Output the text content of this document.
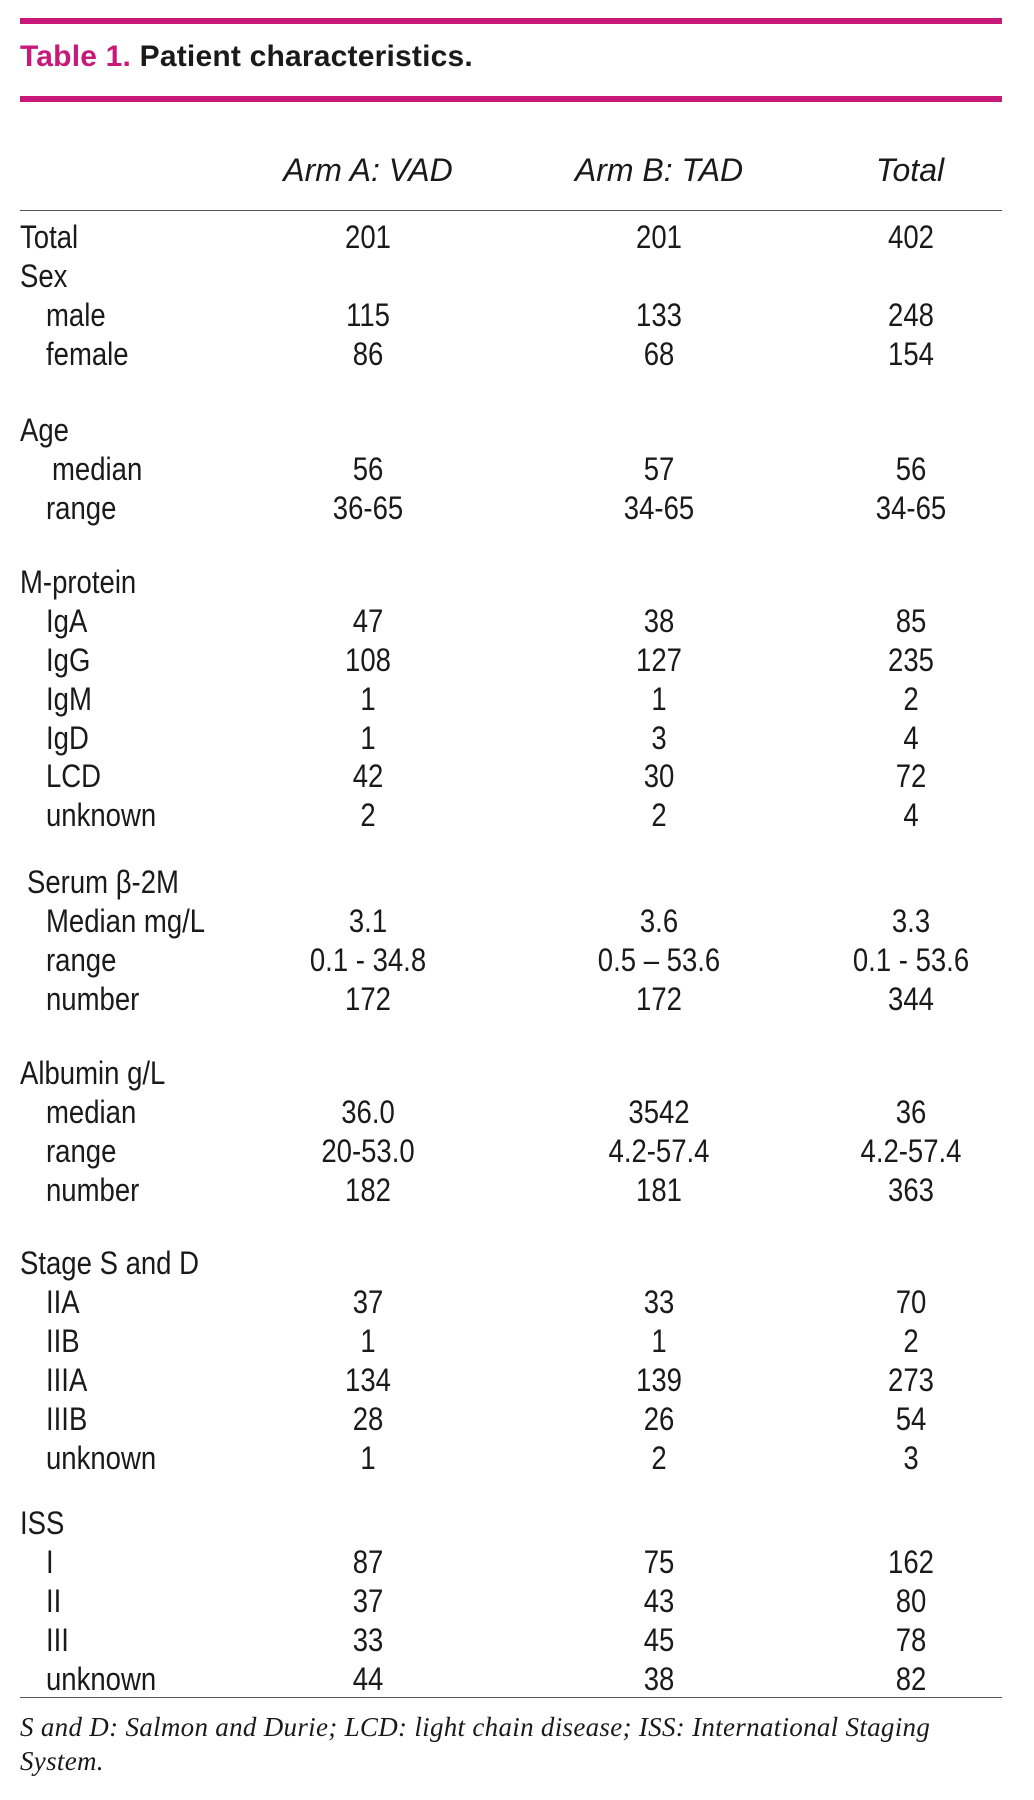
Table 1. Patient characteristics.
Arm A: VAD	Arm B: TAD	Total
Total	201	201	402
Sex
male	115	133	248
female	86	68	154
Age
median	56	57	56
range	36-65	34-65	34-65
M-protein
IgA	47	38	85
IgG	108	127	235
IgM	1	1	2
IgD	1	3	4
LCD	42	30	72
unknown	2	2	4
Serum β-2M
Median mg/L	3.1	3.6	3.3
range	0.1 - 34.8	0.5 – 53.6	0.1 - 53.6
number	172	172	344
Albumin g/L
median	36.0	3542	36
range	20-53.0	4.2-57.4	4.2-57.4
number	182	181	363
Stage S and D
IIA	37	33	70
IIB	1	1	2
IIIA	134	139	273
IIIB	28	26	54
unknown	1	2	3
ISS
I	87	75	162
II	37	43	80
III	33	45	78
unknown	44	38	82
S and D: Salmon and Durie; LCD: light chain disease; ISS: International Staging System.
